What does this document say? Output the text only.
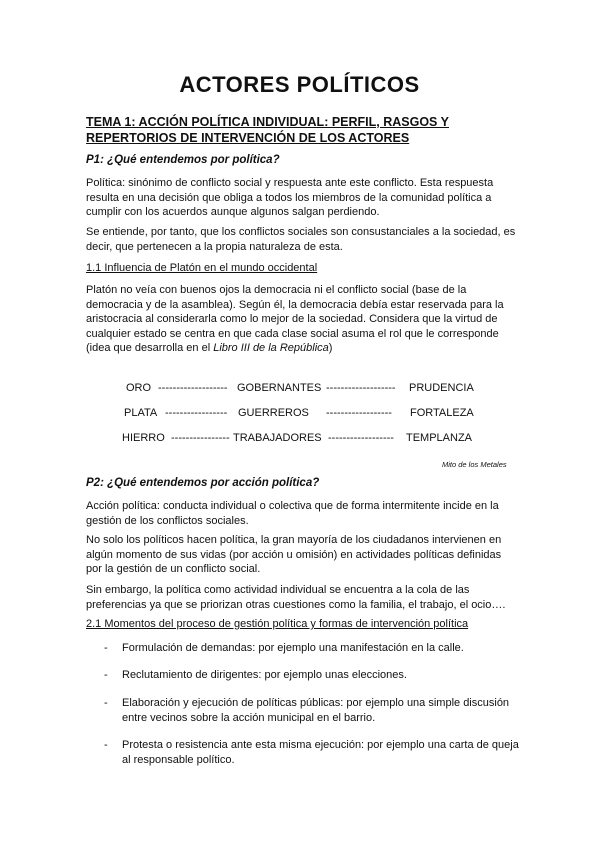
ACTORES POLÍTICOS
TEMA 1: ACCIÓN POLÍTICA INDIVIDUAL: PERFIL, RASGOS Y REPERTORIOS DE INTERVENCIÓN DE LOS ACTORES
P1: ¿Qué entendemos por política?
Política: sinónimo de conflicto social y respuesta ante este conflicto. Esta respuesta resulta en una decisión que obliga a todos los miembros de la comunidad política a cumplir con los acuerdos aunque algunos salgan perdiendo.
Se entiende, por tanto, que los conflictos sociales son consustanciales a la sociedad, es decir, que pertenecen a la propia naturaleza de esta.
1.1 Influencia de Platón en el mundo occidental
Platón no veía con buenos ojos la democracia ni el conflicto social (base de la democracia y de la asamblea). Según él, la democracia debía estar reservada para la aristocracia al considerarla como lo mejor de la sociedad. Considera que la virtud de cualquier estado se centra en que cada clase social asuma el rol que le corresponde (idea que desarrolla en el Libro III de la República)
ORO ------------------- GOBERNANTES ------------------- PRUDENCIA
PLATA ----------------- GUERREROS ------------------ FORTALEZA
HIERRO ---------------- TRABAJADORES ------------------ TEMPLANZA
Mito de los Metales
P2: ¿Qué entendemos por acción política?
Acción política: conducta individual o colectiva que de forma intermitente incide en la gestión de los conflictos sociales.
No solo los políticos hacen política, la gran mayoría de los ciudadanos intervienen en algún momento de sus vidas (por acción u omisión) en actividades políticas definidas por la gestión de un conflicto social.
Sin embargo, la política como actividad individual se encuentra a la cola de las preferencias ya que se priorizan otras cuestiones como la familia, el trabajo, el ocio….
2.1 Momentos del proceso de gestión política y formas de intervención política
- Formulación de demandas: por ejemplo una manifestación en la calle.
- Reclutamiento de dirigentes: por ejemplo unas elecciones.
- Elaboración y ejecución de políticas públicas: por ejemplo una simple discusión entre vecinos sobre la acción municipal en el barrio.
- Protesta o resistencia ante esta misma ejecución: por ejemplo una carta de queja al responsable político.
